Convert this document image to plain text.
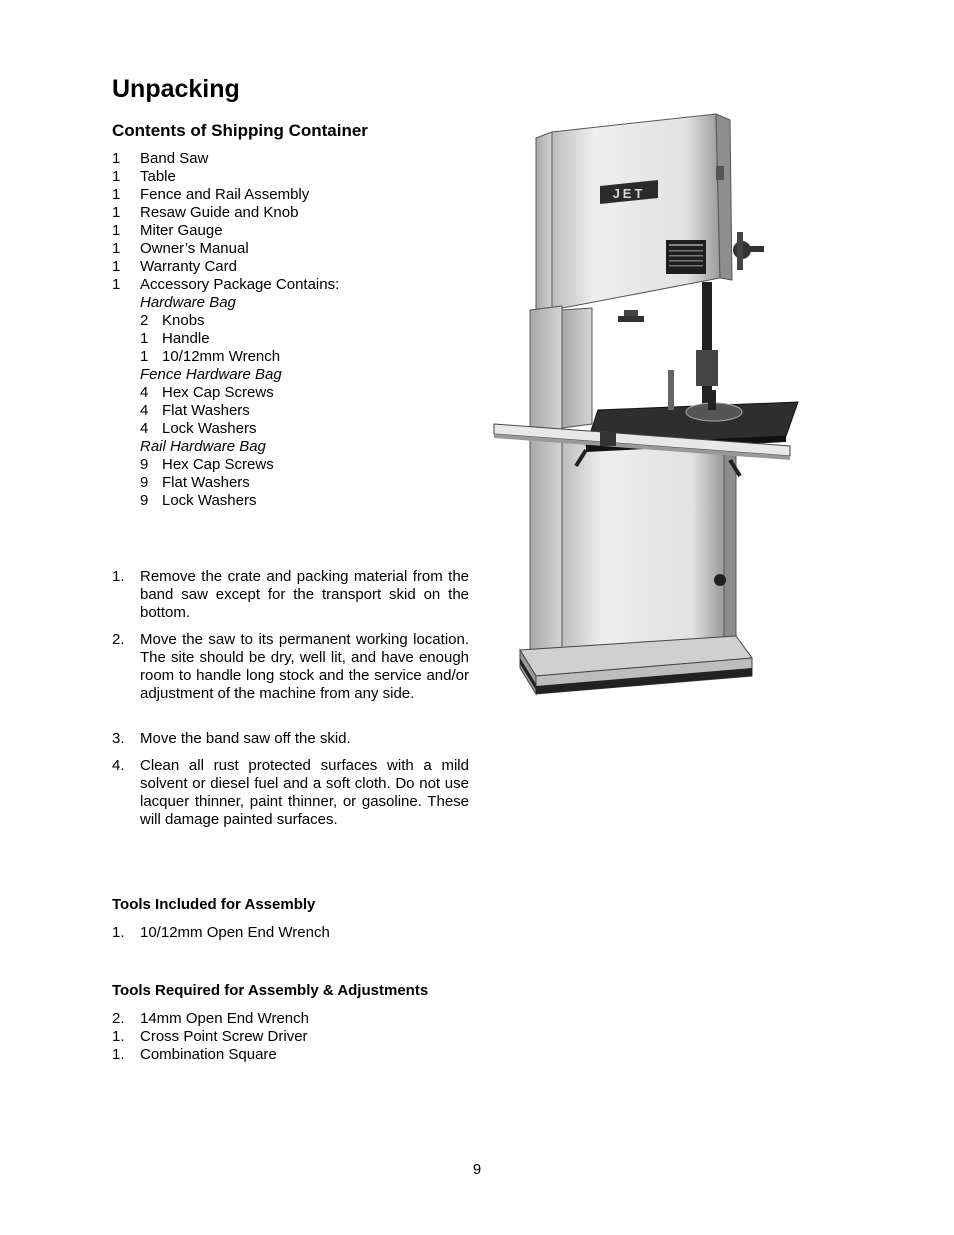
Unpacking
Contents of Shipping Container
1 Band Saw
1 Table
1 Fence and Rail Assembly
1 Resaw Guide and Knob
1 Miter Gauge
1 Owner’s Manual
1 Warranty Card
1 Accessory Package Contains:
Hardware Bag
2 Knobs
1 Handle
1 10/12mm Wrench
Fence Hardware Bag
4 Hex Cap Screws
4 Flat Washers
4 Lock Washers
Rail Hardware Bag
9 Hex Cap Screws
9 Flat Washers
9 Lock Washers
1. Remove the crate and packing material from the band saw except for the transport skid on the bottom.
2. Move the saw to its permanent working location. The site should be dry, well lit, and have enough room to handle long stock and the service and/or adjustment of the machine from any side.
3. Move the band saw off the skid.
4. Clean all rust protected surfaces with a mild solvent or diesel fuel and a soft cloth. Do not use lacquer thinner, paint thinner, or gasoline. These will damage painted surfaces.
Tools Included for Assembly
1. 10/12mm Open End Wrench
Tools Required for Assembly & Adjustments
2. 14mm Open End Wrench
1. Cross Point Screw Driver
1. Combination Square
JET
9
